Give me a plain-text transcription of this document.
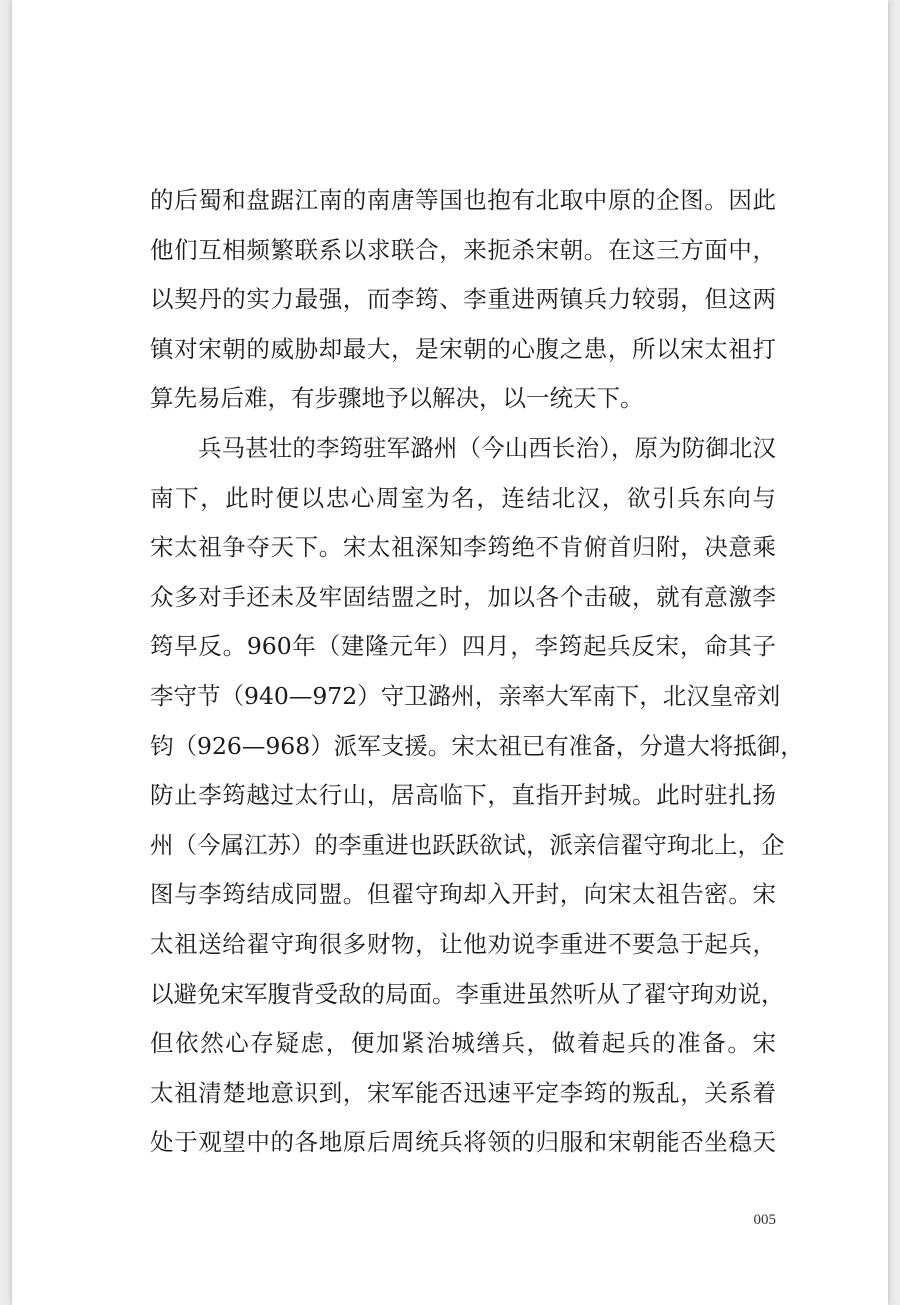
的后蜀和盘踞江南的南唐等国也抱有北取中原的企图。因此
他们互相频繁联系以求联合，来扼杀宋朝。在这三方面中，
以契丹的实力最强，而李筠、李重进两镇兵力较弱，但这两
镇对宋朝的威胁却最大，是宋朝的心腹之患，所以宋太祖打
算先易后难，有步骤地予以解决，以一统天下。
兵马甚壮的李筠驻军潞州（今山西长治），原为防御北汉
南下，此时便以忠心周室为名，连结北汉，欲引兵东向与
宋太祖争夺天下。宋太祖深知李筠绝不肯俯首归附，决意乘
众多对手还未及牢固结盟之时，加以各个击破，就有意激李
筠早反。960年（建隆元年）四月，李筠起兵反宋，命其子
李守节（940—972）守卫潞州，亲率大军南下，北汉皇帝刘
钧（926—968）派军支援。宋太祖已有准备，分遣大将抵御，
防止李筠越过太行山，居高临下，直指开封城。此时驻扎扬
州（今属江苏）的李重进也跃跃欲试，派亲信翟守珣北上，企
图与李筠结成同盟。但翟守珣却入开封，向宋太祖告密。宋
太祖送给翟守珣很多财物，让他劝说李重进不要急于起兵，
以避免宋军腹背受敌的局面。李重进虽然听从了翟守珣劝说，
但依然心存疑虑，便加紧治城缮兵，做着起兵的准备。宋
太祖清楚地意识到，宋军能否迅速平定李筠的叛乱，关系着
处于观望中的各地原后周统兵将领的归服和宋朝能否坐稳天
005
